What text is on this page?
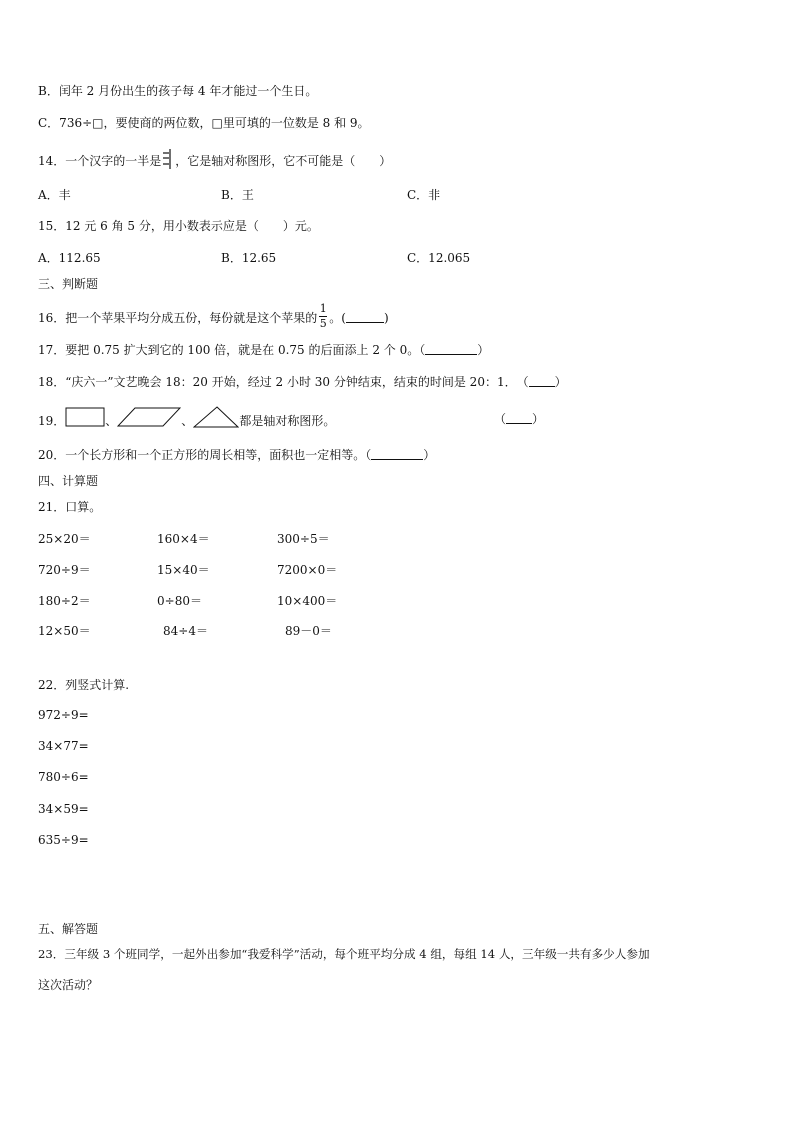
B．闰年 2 月份出生的孩子每 4 年才能过一个生日。
C．736÷□，要使商的两位数，□里可填的一位数是 8 和 9。
14．一个汉字的一半是 ，它是轴对称图形，它不可能是（　　）
A．丰	B．王	C．非
15．12 元 6 角 5 分，用小数表示应是（　　）元。
A．112.65	B．12.65	C．12.065
三、判断题
16．把一个苹果平均分成五份，每份就是这个苹果的 $\frac{1}{5}$ 。(	)
17．要把 0.75 扩大到它的 100 倍，就是在 0.75 的后面添上 2 个 0。（	）
18．“庆六一”文艺晚会 18：20 开始，经过 2 小时 30 分钟结束，结束的时间是 20：1．　（ ）
19．	、	、	都是轴对称图形。	（ ）
20．一个长方形和一个正方形的周长相等，面积也一定相等。（	）
四、计算题
21．口算。
25×20＝	160×4＝	300÷5＝
720÷9＝	15×40＝	7200×0＝
180÷2＝	0÷80＝	10×400＝
12×50＝	84÷4＝	89－0＝
22．列竖式计算.
972÷9=
34×77=
780÷6=
34×59=
635÷9=
五、解答题
23．三年级 3 个班同学，一起外出参加“我爱科学”活动，每个班平均分成 4 组，每组 14 人，三年级一共有多少人参加
这次活动？
